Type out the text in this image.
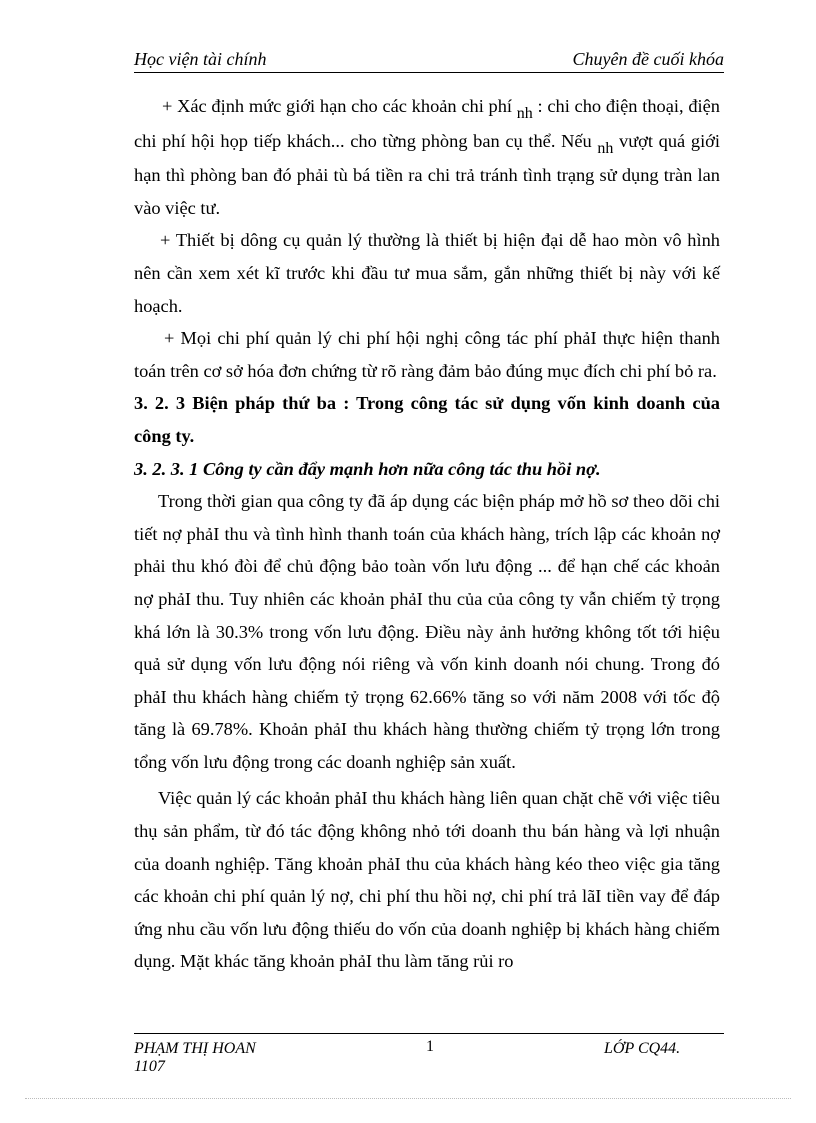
Học viện tài chính	Chuyên đề cuối khóa

+ Xác định mức giới hạn cho các khoản chi phí nh : chi cho điện thoại, điện chi phí hội họp tiếp khách... cho từng phòng ban cụ thể. Nếu nh vượt quá giới hạn thì phòng ban đó phải tù bá tiền ra chi trả tránh tình trạng sử dụng tràn lan vào việc tư.

+ Thiết bị dông cụ quản lý thường là thiết bị hiện đại dễ hao mòn vô hình nên cần xem xét kĩ trước khi đầu tư mua sắm, gắn những thiết bị này với kế hoạch.

+ Mọi chi phí quản lý chi phí hội nghị công tác phí phảI thực hiện thanh toán trên cơ sở hóa đơn chứng từ rõ ràng đảm bảo đúng mục đích chi phí bỏ ra.

3. 2. 3 Biện pháp thứ ba : Trong công tác sử dụng vốn kinh doanh của công ty.

3. 2. 3. 1 Công ty cần đẩy mạnh hơn nữa công tác thu hồi nợ.

Trong thời gian qua công ty đã áp dụng các biện pháp mở hồ sơ theo dõi chi tiết nợ phảI thu và tình hình thanh toán của khách hàng, trích lập các khoản nợ phải thu khó đòi để chủ động bảo toàn vốn lưu động ... để hạn chế các khoản nợ phảI thu. Tuy nhiên các khoản phảI thu của của công ty vẫn chiếm tỷ trọng khá lớn là 30.3% trong vốn lưu động. Điều này ảnh hưởng không tốt tới hiệu quả sử dụng vốn lưu động nói riêng và vốn kinh doanh nói chung. Trong đó phảI thu khách hàng chiếm tỷ trọng 62.66% tăng so với năm 2008 với tốc độ tăng là 69.78%. Khoản phảI thu khách hàng thường chiếm tỷ trọng lớn trong tổng vốn lưu động trong các doanh nghiệp sản xuất.

Việc quản lý các khoản phảI thu khách hàng liên quan chặt chẽ với việc tiêu thụ sản phẩm, từ đó tác động không nhỏ tới doanh thu bán hàng và lợi nhuận của doanh nghiệp. Tăng khoản phảI thu của khách hàng kéo theo việc gia tăng các khoản chi phí quản lý nợ, chi phí thu hồi nợ, chi phí trả lãI tiền vay để đáp ứng nhu cầu vốn lưu động thiếu do vốn của doanh nghiệp bị khách hàng chiếm dụng. Mặt khác tăng khoản phảI thu làm tăng rủi ro

PHẠM THỊ HOAN
1107
1	LỚP CQ44.
